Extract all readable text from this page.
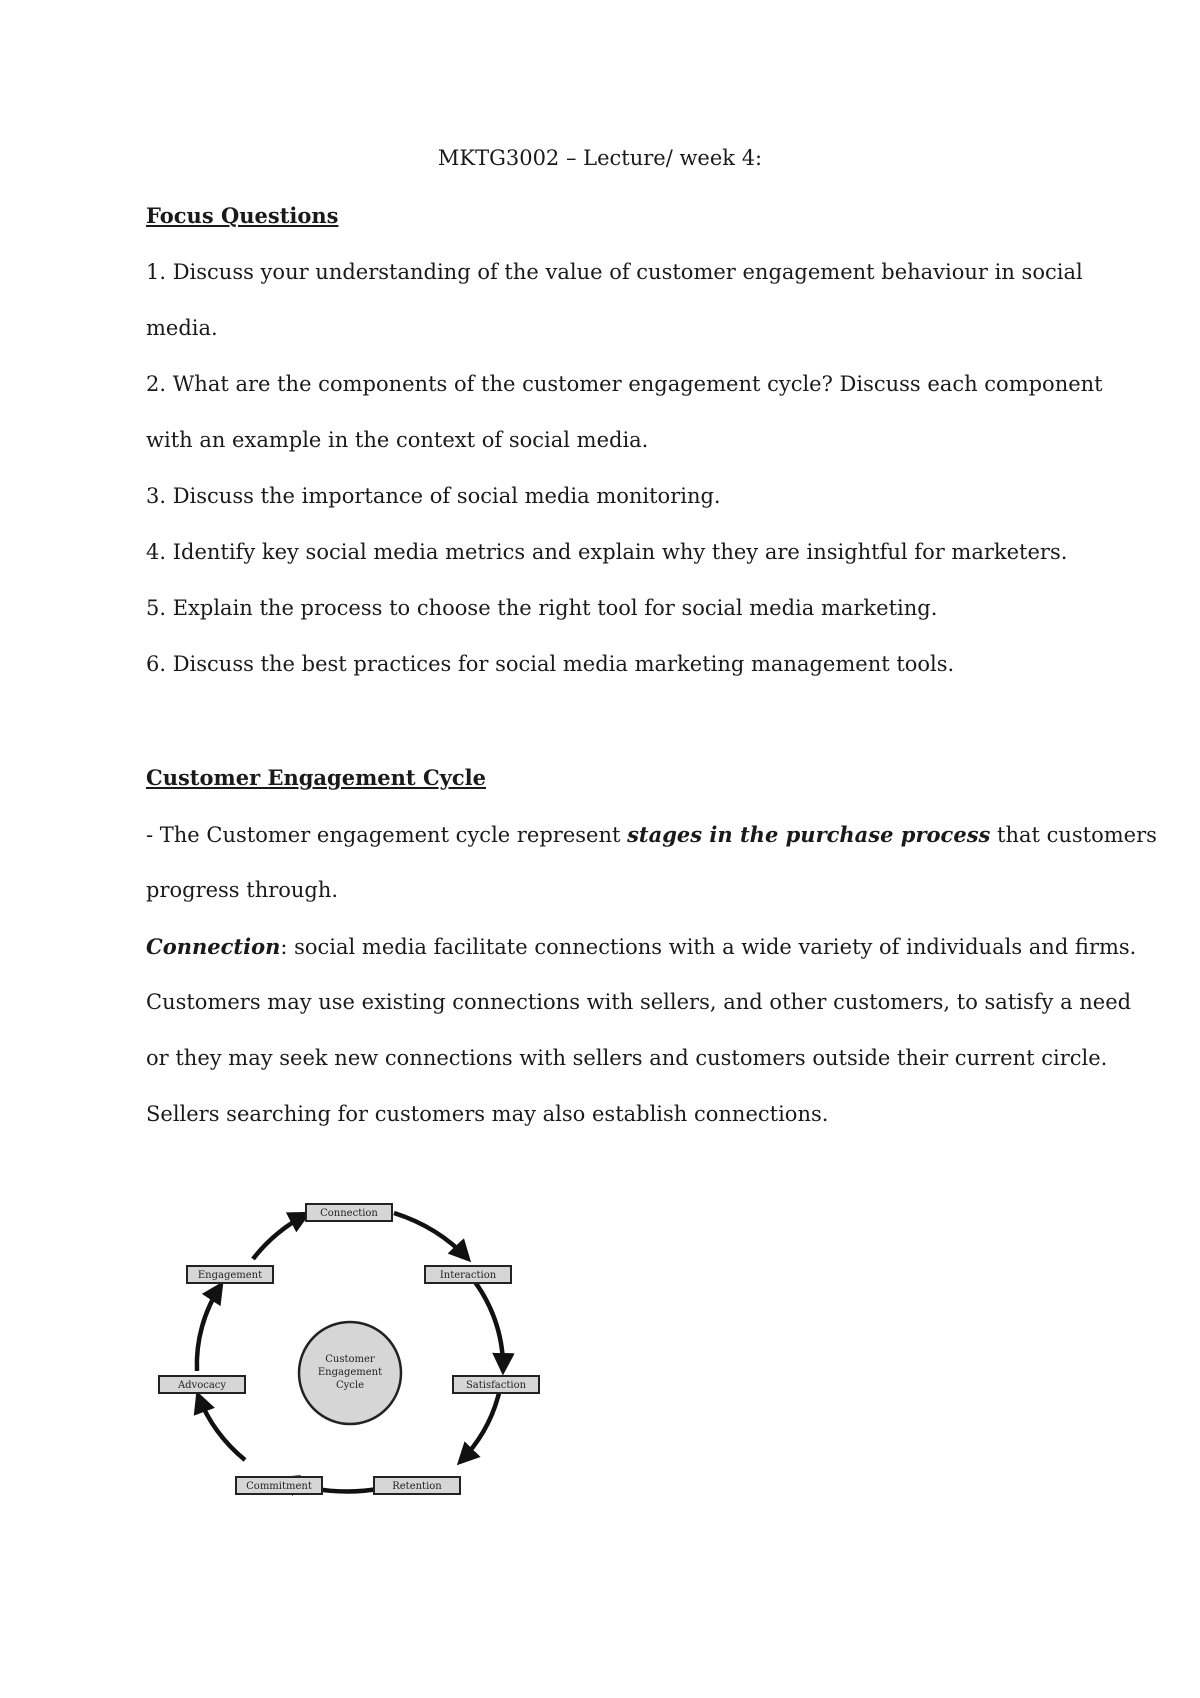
MKTG3002 – Lecture/ week 4:
Focus Questions
1. Discuss your understanding of the value of customer engagement behaviour in social
media.
2. What are the components of the customer engagement cycle? Discuss each component
with an example in the context of social media.
3. Discuss the importance of social media monitoring.
4. Identify key social media metrics and explain why they are insightful for marketers.
5. Explain the process to choose the right tool for social media marketing.
6. Discuss the best practices for social media marketing management tools.
Customer Engagement Cycle
- The Customer engagement cycle represent stages in the purchase process that customers
progress through.
Connection: social media facilitate connections with a wide variety of individuals and firms.
Customers may use existing connections with sellers, and other customers, to satisfy a need
or they may seek new connections with sellers and customers outside their current circle.
Sellers searching for customers may also establish connections.
Customer
Engagement
Cycle
Connection
Interaction
Satisfaction
Retention
Commitment
Advocacy
Engagement
